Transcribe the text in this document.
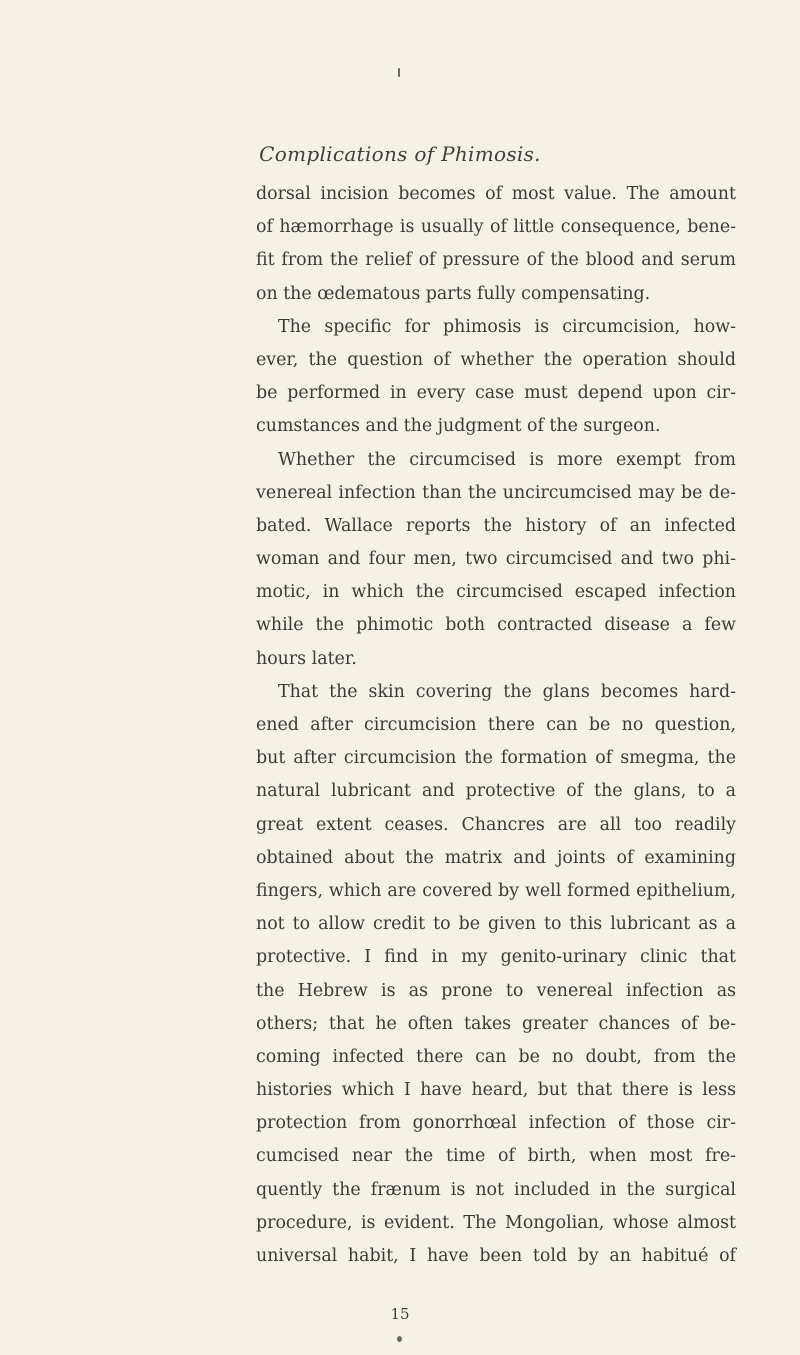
Complications of Phimosis.
dorsal incision becomes of most value. The amount
of hæmorrhage is usually of little consequence, bene-
fit from the relief of pressure of the blood and serum
on the œdematous parts fully compensating.
The specific for phimosis is circumcision, how-
ever, the question of whether the operation should
be performed in every case must depend upon cir-
cumstances and the judgment of the surgeon.
Whether the circumcised is more exempt from
venereal infection than the uncircumcised may be de-
bated. Wallace reports the history of an infected
woman and four men, two circumcised and two phi-
motic, in which the circumcised escaped infection
while the phimotic both contracted disease a few
hours later.
That the skin covering the glans becomes hard-
ened after circumcision there can be no question,
but after circumcision the formation of smegma, the
natural lubricant and protective of the glans, to a
great extent ceases. Chancres are all too readily
obtained about the matrix and joints of examining
fingers, which are covered by well formed epithelium,
not to allow credit to be given to this lubricant as a
protective. I find in my genito-urinary clinic that
the Hebrew is as prone to venereal infection as
others; that he often takes greater chances of be-
coming infected there can be no doubt, from the
histories which I have heard, but that there is less
protection from gonorrhœal infection of those cir-
cumcised near the time of birth, when most fre-
quently the frænum is not included in the surgical
procedure, is evident. The Mongolian, whose almost
universal habit, I have been told by an habitué of
15
